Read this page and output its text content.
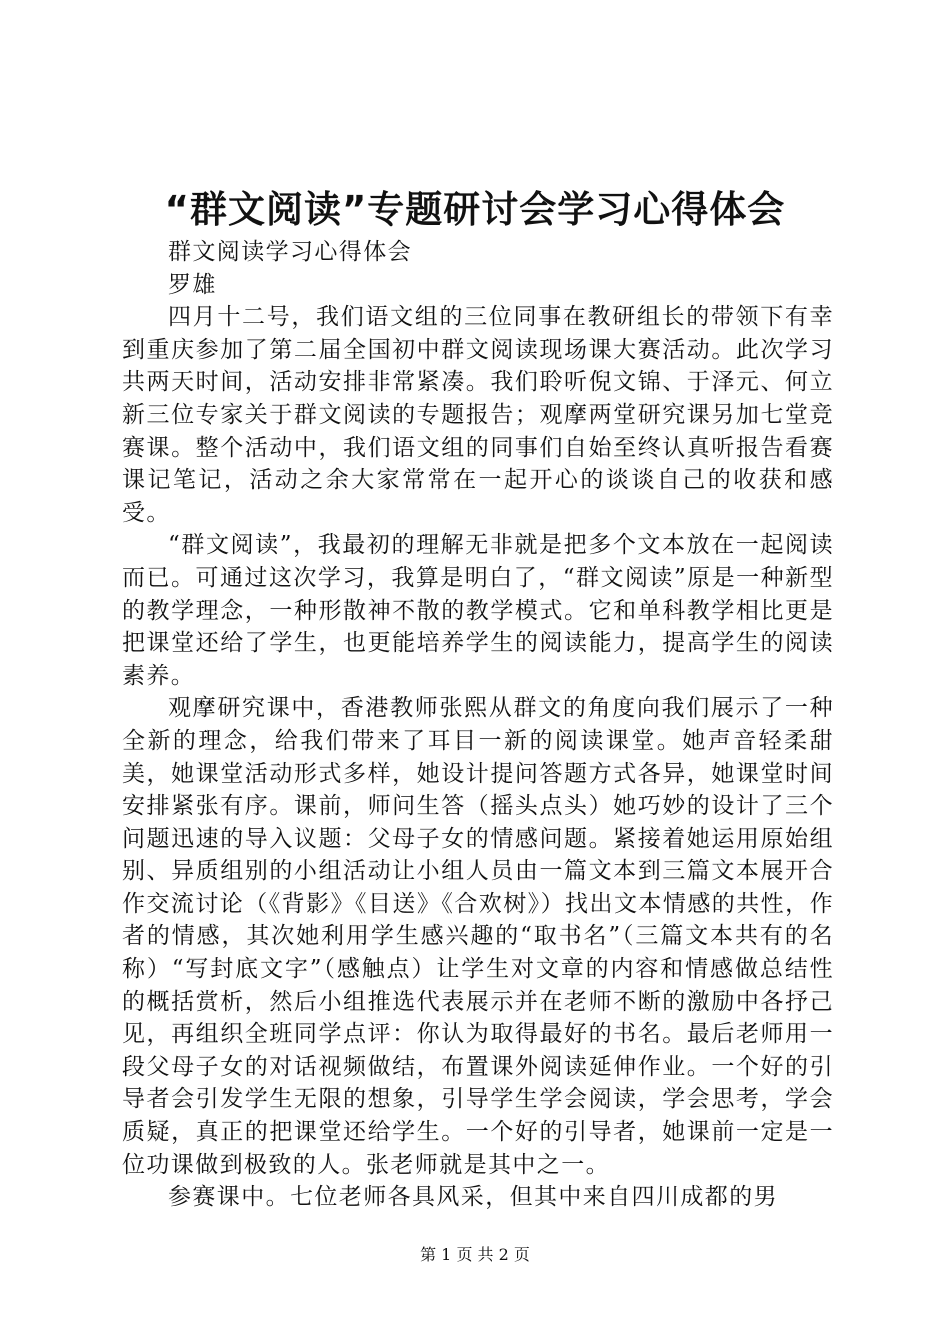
“群文阅读”专题研讨会学习心得体会

群文阅读学习心得体会

罗雄

四月十二号，我们语文组的三位同事在教研组长的带领下有幸到重庆参加了第二届全国初中群文阅读现场课大赛活动。此次学习共两天时间，活动安排非常紧凑。我们聆听倪文锦、于泽元、何立新三位专家关于群文阅读的专题报告；观摩两堂研究课另加七堂竞赛课。整个活动中，我们语文组的同事们自始至终认真听报告看赛课记笔记，活动之余大家常常在一起开心的谈谈自己的收获和感受。

“群文阅读”，我最初的理解无非就是把多个文本放在一起阅读而已。可通过这次学习，我算是明白了，“群文阅读”原是一种新型的教学理念，一种形散神不散的教学模式。它和单科教学相比更是把课堂还给了学生，也更能培养学生的阅读能力，提高学生的阅读素养。

观摩研究课中，香港教师张熙从群文的角度向我们展示了一种全新的理念，给我们带来了耳目一新的阅读课堂。她声音轻柔甜美，她课堂活动形式多样，她设计提问答题方式各异，她课堂时间安排紧张有序。课前，师问生答（摇头点头）她巧妙的设计了三个问题迅速的导入议题：父母子女的情感问题。紧接着她运用原始组别、异质组别的小组活动让小组人员由一篇文本到三篇文本展开合作交流讨论（《背影》《目送》《合欢树》）找出文本情感的共性，作者的情感，其次她利用学生感兴趣的“取书名”（三篇文本共有的名称）“写封底文字”（感触点）让学生对文章的内容和情感做总结性的概括赏析，然后小组推选代表展示并在老师不断的激励中各抒己见，再组织全班同学点评：你认为取得最好的书名。最后老师用一段父母子女的对话视频做结，布置课外阅读延伸作业。一个好的引导者会引发学生无限的想象，引导学生学会阅读，学会思考，学会质疑，真正的把课堂还给学生。一个好的引导者，她课前一定是一位功课做到极致的人。张老师就是其中之一。

参赛课中。七位老师各具风采，但其中来自四川成都的男

第 1 页 共 2 页
